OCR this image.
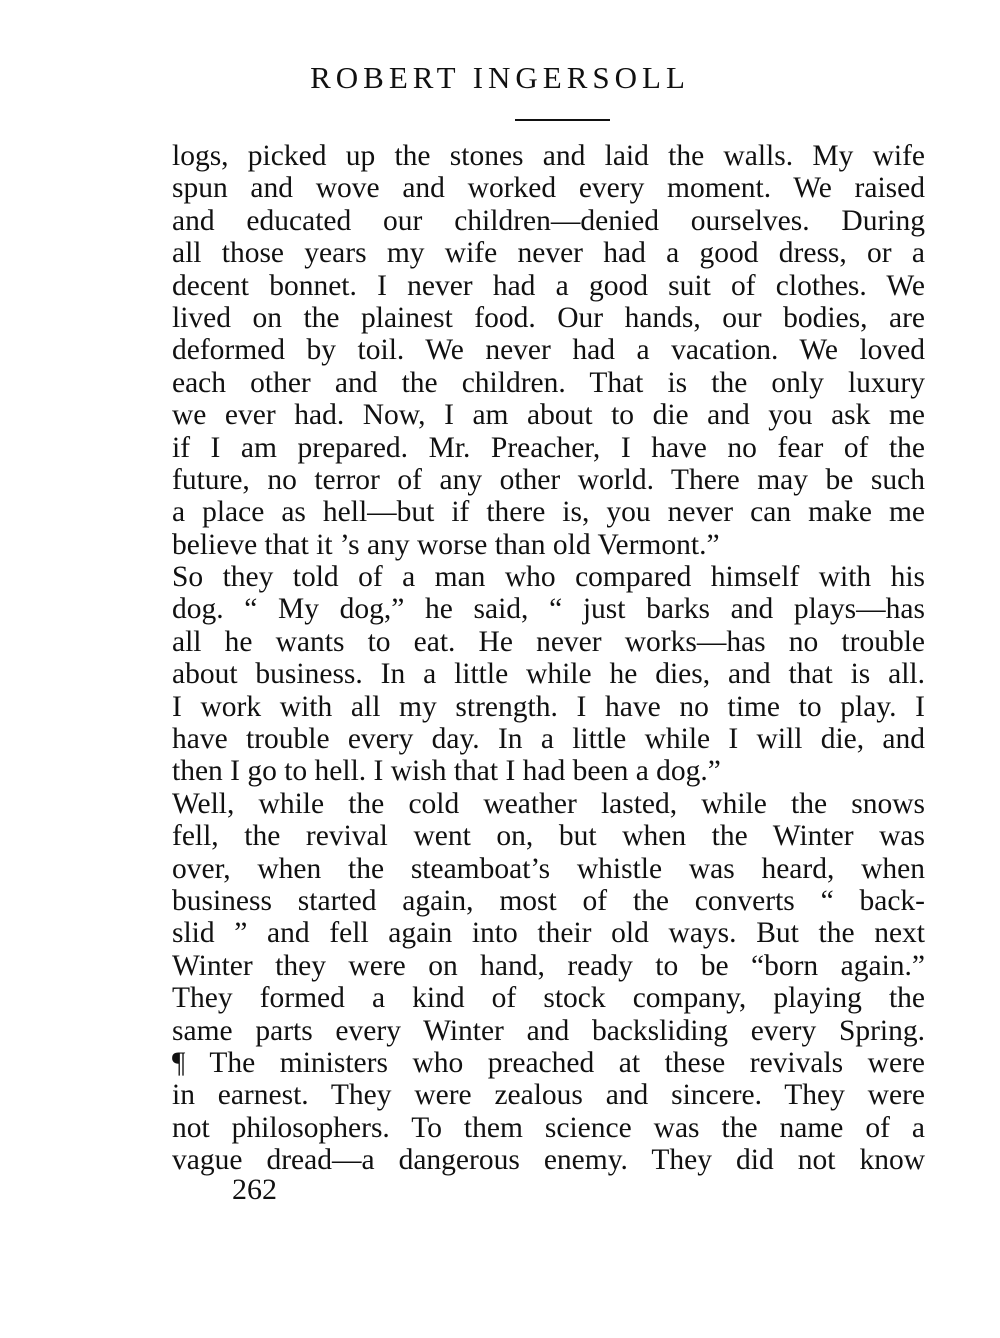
ROBERT INGERSOLL
logs, picked up the stones and laid the walls. My wife
spun and wove and worked every moment. We raised
and educated our children—denied ourselves. During
all those years my wife never had a good dress, or a
decent bonnet. I never had a good suit of clothes. We
lived on the plainest food. Our hands, our bodies, are
deformed by toil. We never had a vacation. We loved
each other and the children. That is the only luxury
we ever had. Now, I am about to die and you ask me
if I am prepared. Mr. Preacher, I have no fear of the
future, no terror of any other world. There may be such
a place as hell—but if there is, you never can make me
believe that it ’s any worse than old Vermont.”
So they told of a man who compared himself with his
dog. “ My dog,” he said, “ just barks and plays—has
all he wants to eat. He never works—has no trouble
about business. In a little while he dies, and that is all.
I work with all my strength. I have no time to play. I
have trouble every day. In a little while I will die, and
then I go to hell. I wish that I had been a dog.”
Well, while the cold weather lasted, while the snows
fell, the revival went on, but when the Winter was
over, when the steamboat’s whistle was heard, when
business started again, most of the converts “ back-
slid ” and fell again into their old ways. But the next
Winter they were on hand, ready to be “born again.”
They formed a kind of stock company, playing the
same parts every Winter and backsliding every Spring.
¶ The ministers who preached at these revivals were
in earnest. They were zealous and sincere. They were
not philosophers. To them science was the name of a
vague dread—a dangerous enemy. They did not know
262
